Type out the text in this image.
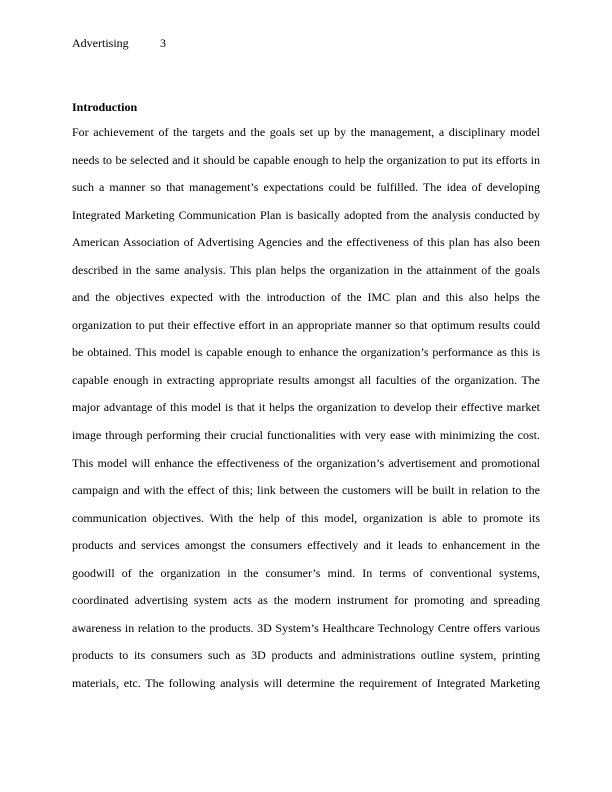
Advertising	3
Introduction
For achievement of the targets and the goals set up by the management, a disciplinary model
needs to be selected and it should be capable enough to help the organization to put its efforts in
such a manner so that management’s expectations could be fulfilled. The idea of developing
Integrated Marketing Communication Plan is basically adopted from the analysis conducted by
American Association of Advertising Agencies and the effectiveness of this plan has also been
described in the same analysis. This plan helps the organization in the attainment of the goals
and the objectives expected with the introduction of the IMC plan and this also helps the
organization to put their effective effort in an appropriate manner so that optimum results could
be obtained. This model is capable enough to enhance the organization’s performance as this is
capable enough in extracting appropriate results amongst all faculties of the organization. The
major advantage of this model is that it helps the organization to develop their effective market
image through performing their crucial functionalities with very ease with minimizing the cost.
This model will enhance the effectiveness of the organization’s advertisement and promotional
campaign and with the effect of this; link between the customers will be built in relation to the
communication objectives. With the help of this model, organization is able to promote its
products and services amongst the consumers effectively and it leads to enhancement in the
goodwill of the organization in the consumer’s mind. In terms of conventional systems,
coordinated advertising system acts as the modern instrument for promoting and spreading
awareness in relation to the products. 3D System’s Healthcare Technology Centre offers various
products to its consumers such as 3D products and administrations outline system, printing
materials, etc. The following analysis will determine the requirement of Integrated Marketing
